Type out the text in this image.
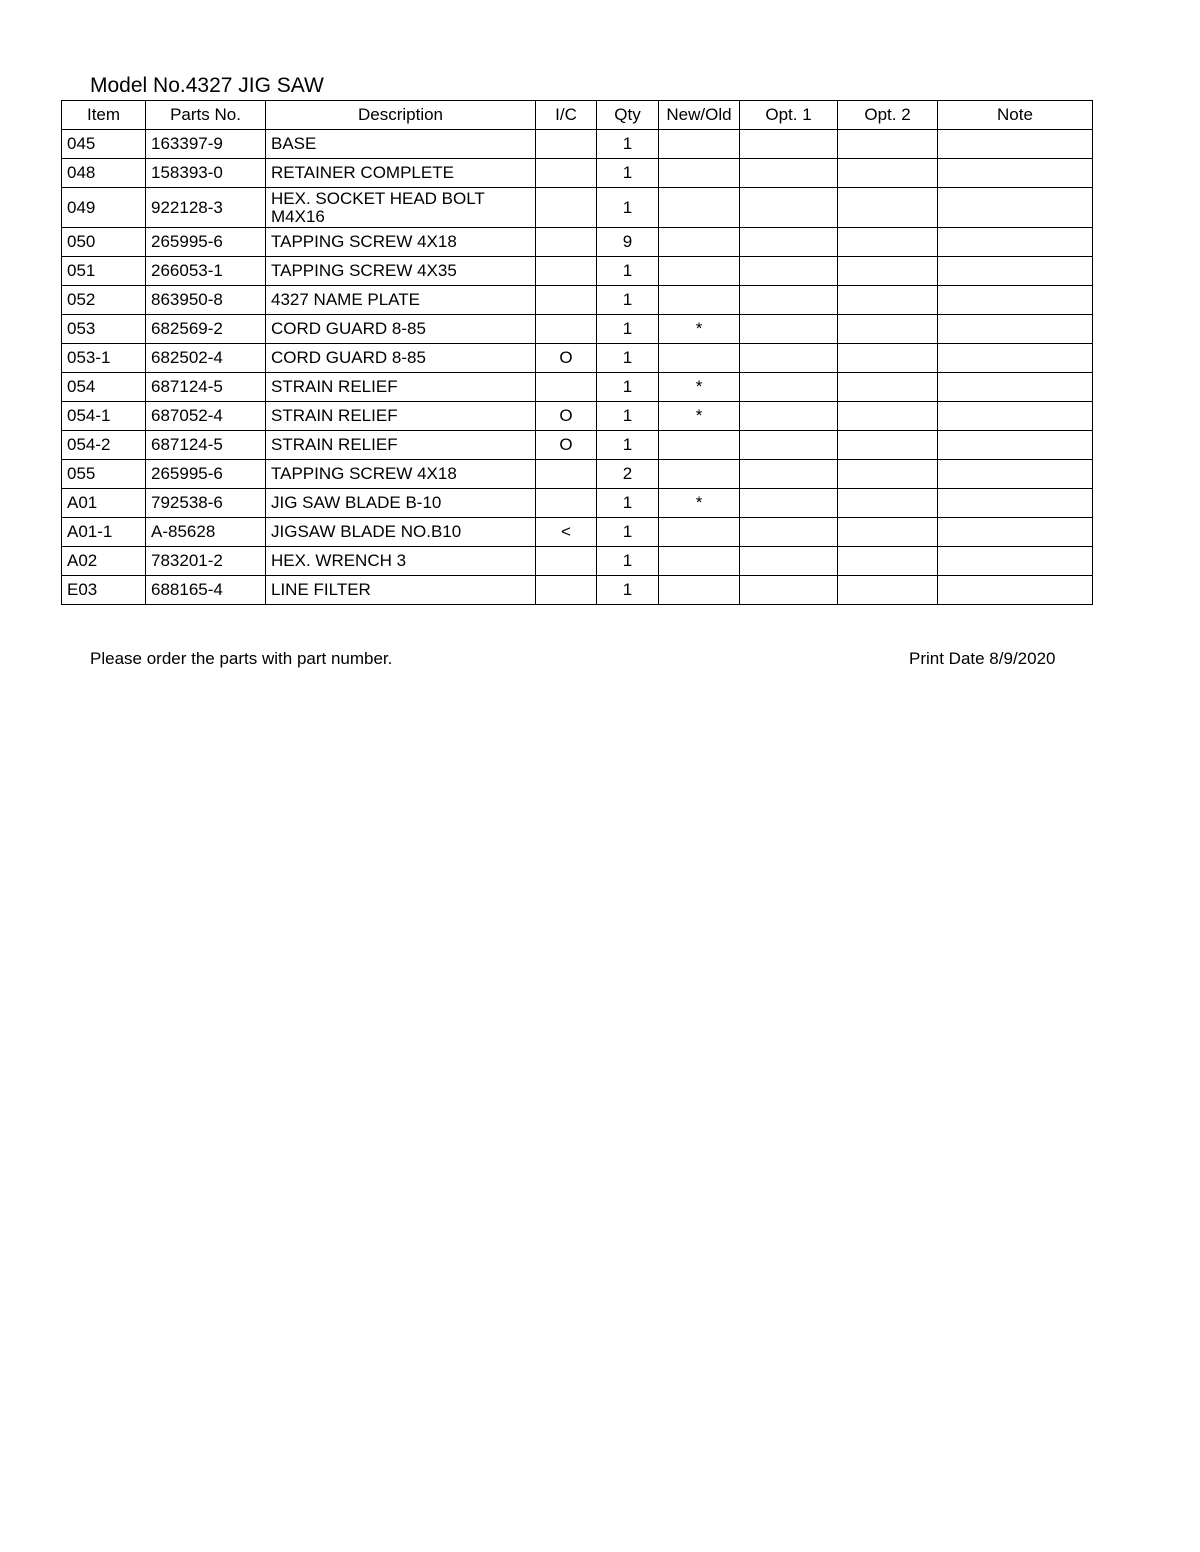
Model No.4327 JIG SAW
Item	Parts No.	Description	I/C	Qty	New/Old	Opt. 1	Opt. 2	Note
045	163397-9	BASE		1				
048	158393-0	RETAINER COMPLETE		1				
049	922128-3	HEX. SOCKET HEAD BOLT M4X16		1				
050	265995-6	TAPPING SCREW 4X18		9				
051	266053-1	TAPPING SCREW 4X35		1				
052	863950-8	4327 NAME PLATE		1				
053	682569-2	CORD GUARD 8-85		1	*			
053-1	682502-4	CORD GUARD 8-85	O	1				
054	687124-5	STRAIN RELIEF		1	*			
054-1	687052-4	STRAIN RELIEF	O	1	*			
054-2	687124-5	STRAIN RELIEF	O	1				
055	265995-6	TAPPING SCREW 4X18		2				
A01	792538-6	JIG SAW BLADE B-10		1	*			
A01-1	A-85628	JIGSAW BLADE NO.B10	<	1				
A02	783201-2	HEX. WRENCH 3		1				
E03	688165-4	LINE FILTER		1				
Please order the parts with part number.	Print Date 8/9/2020
